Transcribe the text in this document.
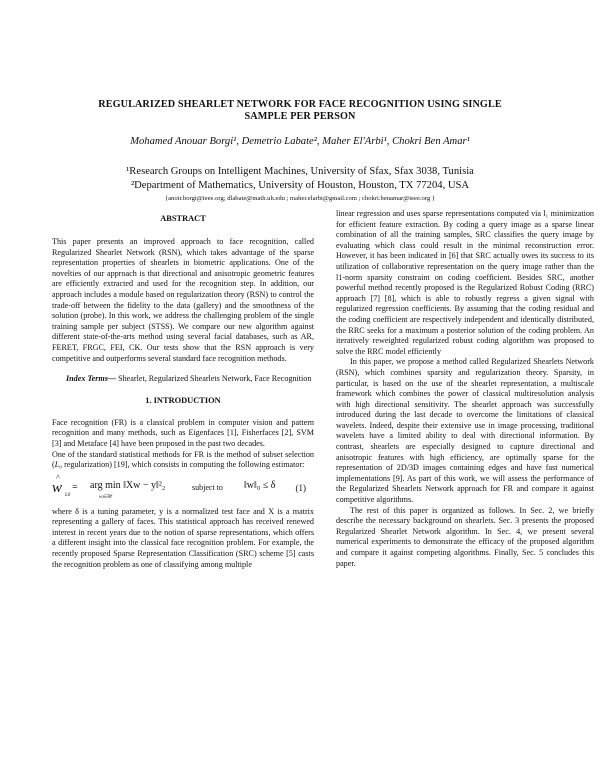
REGULARIZED SHEARLET NETWORK FOR FACE RECOGNITION USING SINGLE SAMPLE PER PERSON
Mohamed Anouar Borgi¹, Demetrio Labate², Maher El'Arbi¹, Chokri Ben Amar¹
¹Research Groups on Intelligent Machines, University of Sfax, Sfax 3038, Tunisia
²Department of Mathematics, University of Houston, Houston, TX 77204, USA
{anoir.borgi@ieee.org; dlabate@math.uh.edu ; maher.elarbi@gmail.com ; chokri.benamar@ieee.org }

ABSTRACT

This paper presents an improved approach to face recognition, called Regularized Shearlet Network (RSN), which takes advantage of the sparse representation properties of shearlets in biometric applications. One of the novelties of our approach is that directional and anisotropic geometric features are efficiently extracted and used for the recognition step. In addition, our approach includes a module based on regularization theory (RSN) to control the trade-off between the fidelity to the data (gallery) and the smoothness of the solution (probe). In this work, we address the challenging problem of the single training sample per subject (STSS). We compare our new algorithm against different state-of-the-arts method using several facial databases, such as AR, FERET, FRGC, FEI, CK. Our tests show that the RSN approach is very competitive and outperforms several standard face recognition methods.

Index Terms— Shearlet, Regularized Shearlets Network, Face Recognition

1. INTRODUCTION

Face recognition (FR) is a classical problem in computer vision and pattern recognition and many methods, such as Eigenfaces [1], Fisherfaces [2], SVM [3] and Metaface [4] have been proposed in the past two decades.

One of the standard statistical methods for FR is the method of subset selection (L₀ regularization) [19], which consists in computing the following estimator:

w
^
L0
= arg min ‖Xw − y‖²₂
w∈ℝⁿ
subject to ‖w‖₀ ≤ δ (1)

where δ is a tuning parameter, y is a normalized test face and X is a matrix representing a gallery of faces. This statistical approach has received renewed interest in recent years due to the notion of sparse representations, which offers a different insight into the classical face recognition problem. For example, the recently proposed Sparse Representation Classification (SRC) scheme [5] casts the recognition problem as one of classifying among multiple

linear regression and uses sparse representations computed via l₁ minimization for efficient feature extraction. By coding a query image as a sparse linear combination of all the training samples, SRC classifies the query image by evaluating which class could result in the minimal reconstruction error. However, it has been indicated in [6] that SRC actually owes its success to its utilization of collaborative representation on the query image rather than the l1-norm sparsity constraint on coding coefficient. Besides SRC, another powerful method recently proposed is the Regularized Robust Coding (RRC) approach [7] [8], which is able to robustly regress a given signal with regularized regression coefficients. By assuming that the coding residual and the coding coefficient are respectively independent and identically distributed, the RRC seeks for a maximum a posterior solution of the coding problem. An iteratively reweighted regularized robust coding algorithm was proposed to solve the RRC model efficiently

In this paper, we propose a method called Regularized Shearlets Network (RSN), which combines sparsity and regularization theory. Sparsity, in particular, is based on the use of the shearlet representation, a multiscale framework which combines the power of classical multiresolution analysis with high directional sensitivity. The shearlet approach was successfully introduced during the last decade to overcome the limitations of classical wavelets. Indeed, despite their extensive use in image processing, traditional wavelets have a limited ability to deal with directional information. By contrast, shearlets are especially designed to capture directional and anisotropic features with high efficiency, are optimally sparse for the representation of 2D/3D images containing edges and have fast numerical implementations [9]. As part of this work, we will assess the performance of the Regularized Shearlets Network approach for FR and compare it against competitive algorithms.

The rest of this paper is organized as follows. In Sec. 2, we briefly describe the necessary background on shearlets. Sec. 3 presents the proposed Regularized Shearlet Network algorithm. In Sec. 4, we present several numerical experiments to demonstrate the efficacy of the proposed algorithm and compare it against competing algorithms. Finally, Sec. 5 concludes this paper.
